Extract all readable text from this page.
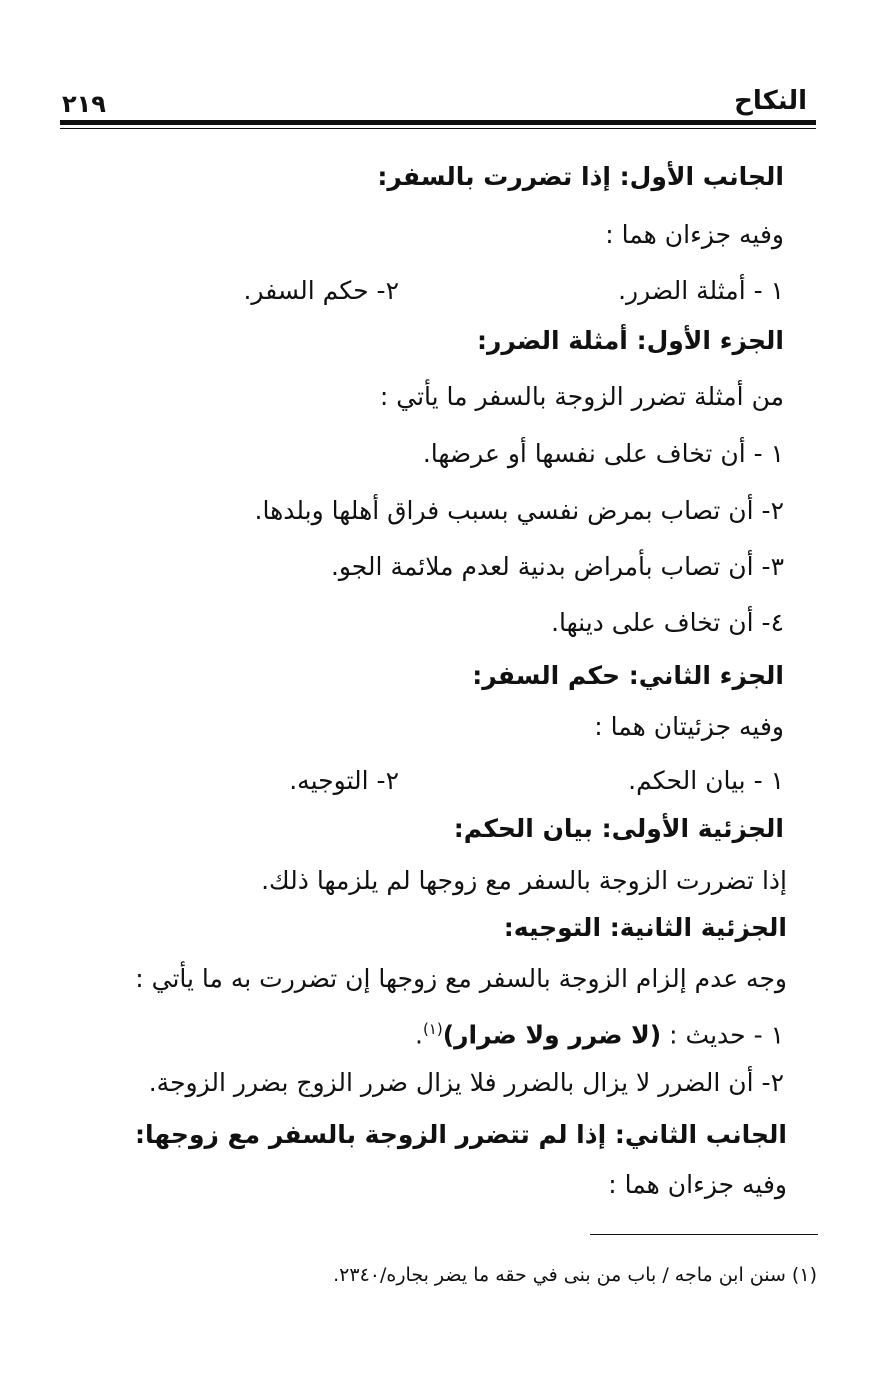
النكاح
٢١٩
الجانب الأول: إذا تضررت بالسفر:
وفيه جزءان هما :
١ - أمثلة الضرر.
٢- حكم السفر.
الجزء الأول: أمثلة الضرر:
من أمثلة تضرر الزوجة بالسفر ما يأتي :
١ - أن تخاف على نفسها أو عرضها.
٢- أن تصاب بمرض نفسي بسبب فراق أهلها وبلدها.
٣- أن تصاب بأمراض بدنية لعدم ملائمة الجو.
٤- أن تخاف على دينها.
الجزء الثاني: حكم السفر:
وفيه جزئيتان هما :
١ - بيان الحكم.
٢- التوجيه.
الجزئية الأولى: بيان الحكم:
إذا تضررت الزوجة بالسفر مع زوجها لم يلزمها ذلك.
الجزئية الثانية: التوجيه:
وجه عدم إلزام الزوجة بالسفر مع زوجها إن تضررت به ما يأتي :
١ - حديث : (لا ضرر ولا ضرار)$^{(١)}$.
٢- أن الضرر لا يزال بالضرر فلا يزال ضرر الزوج بضرر الزوجة.
الجانب الثاني: إذا لم تتضرر الزوجة بالسفر مع زوجها:
وفيه جزءان هما :
(١) سنن ابن ماجه / باب من بنى في حقه ما يضر بجاره/٢٣٤٠.
